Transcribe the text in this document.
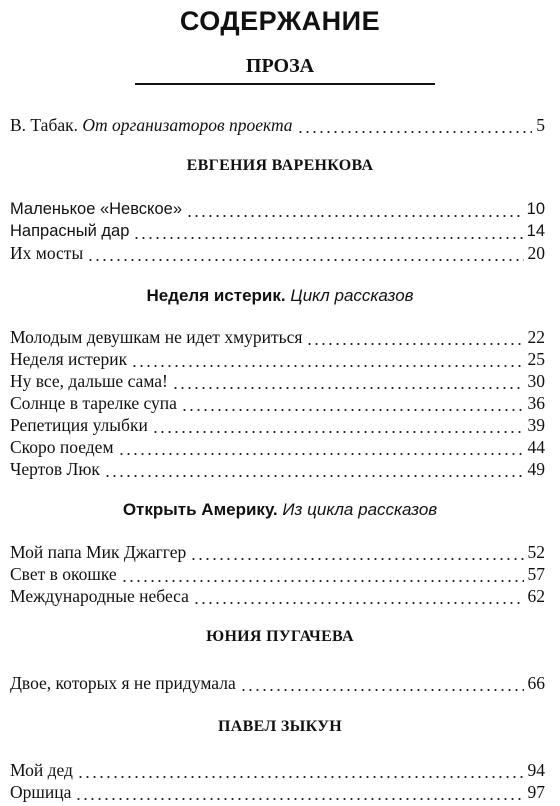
СОДЕРЖАНИЕ
ПРОЗА
В. Табак. От организаторов проекта	5
ЕВГЕНИЯ ВАРЕНКОВА
Маленькое «Невское»	10
Напрасный дар	14
Их мосты	20
Неделя истерик. Цикл рассказов
Молодым девушкам не идет хмуриться	22
Неделя истерик	25
Ну все, дальше сама!	30
Солнце в тарелке супа	36
Репетиция улыбки	39
Скоро поедем	44
Чертов Люк	49
Открыть Америку. Из цикла рассказов
Мой папа Мик Джаггер	52
Свет в окошке	57
Международные небеса	62
ЮНИЯ ПУГАЧЕВА
Двое, которых я не придумала	66
ПАВЕЛ ЗЫКУН
Мой дед	94
Оршица	97
